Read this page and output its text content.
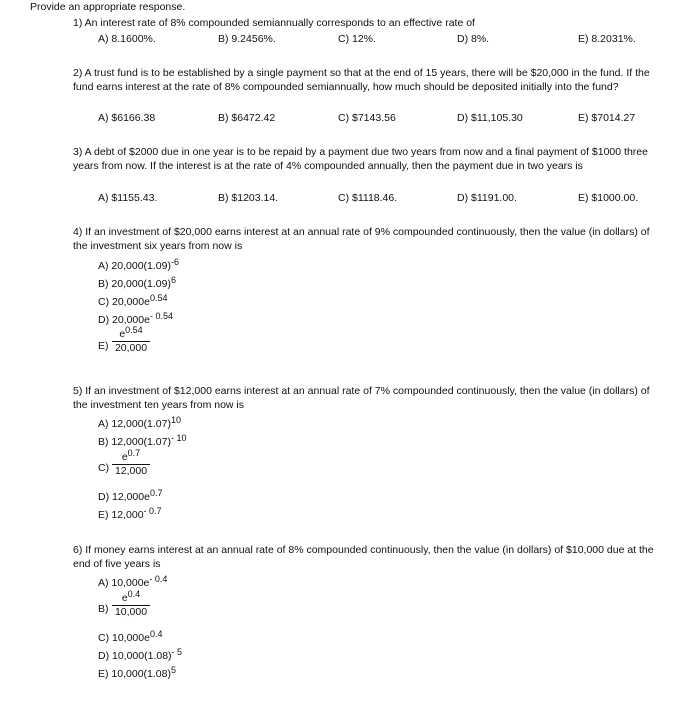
Provide an appropriate response.
1) An interest rate of 8% compounded semiannually corresponds to an effective rate of
A) 8.1600%.	B) 9.2456%.	C) 12%.	D) 8%.	E) 8.2031%.
2) A trust fund is to be established by a single payment so that at the end of 15 years, there will be $20,000 in the fund. If the fund earns interest at the rate of 8% compounded semiannually, how much should be deposited initially into the fund?
A) $6166.38	B) $6472.42	C) $7143.56	D) $11,105.30	E) $7014.27
3) A debt of $2000 due in one year is to be repaid by a payment due two years from now and a final payment of $1000 three years from now. If the interest is at the rate of 4% compounded annually, then the payment due in two years is
A) $1155.43.	B) $1203.14.	C) $1118.46.	D) $1191.00.	E) $1000.00.
4) If an investment of $20,000 earns interest at an annual rate of 9% compounded continuously, then the value (in dollars) of the investment six years from now is
A) $20,000(1.09)^{-6}$
B) $20,000(1.09)^6$
C) $20,000e^{0.54}$
D) $20,000e^{- 0.54}$
E)
$e^{0.54}$
20,000
5) If an investment of $12,000 earns interest at an annual rate of 7% compounded continuously, then the value (in dollars) of the investment ten years from now is
A) $12,000(1.07)^{10}$
B) $12,000(1.07)^{- 10}$
C)
$e^{0.7}$
12,000
D) $12,000e^{0.7}$
E) $12,000^{- 0.7}$
6) If money earns interest at an annual rate of 8% compounded continuously, then the value (in dollars) of $10,000 due at the end of five years is
A) $10,000e^{- 0.4}$
B)
$e^{0.4}$
10,000
C) $10,000e^{0.4}$
D) $10,000(1.08)^{- 5}$
E) $10,000(1.08)^5$
